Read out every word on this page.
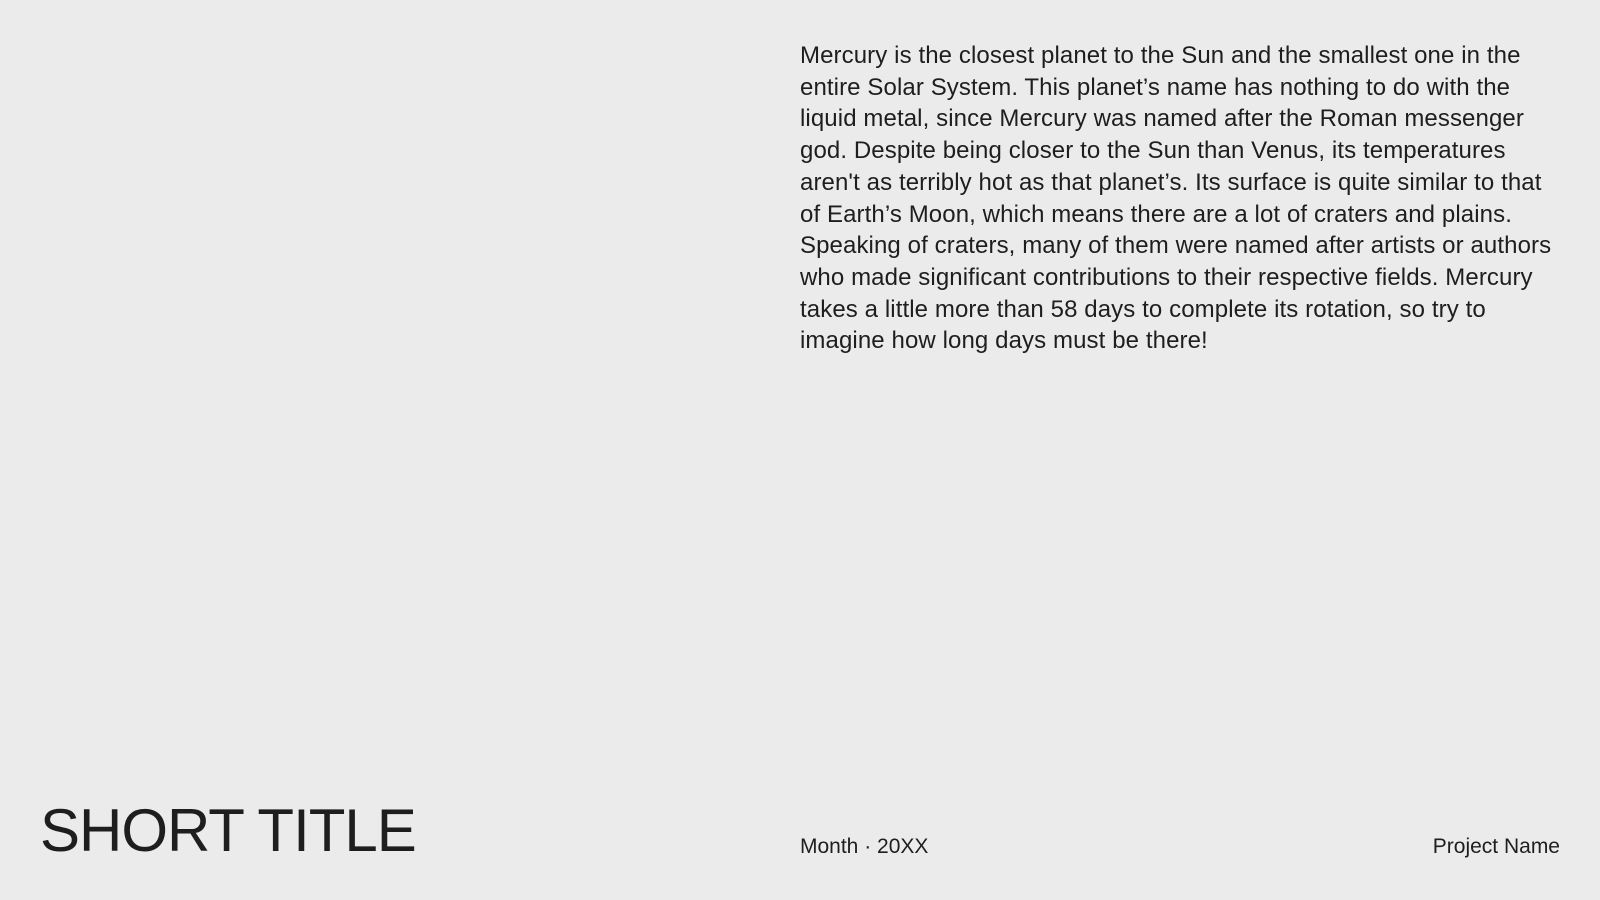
Mercury is the closest planet to the Sun and the smallest one in the entire Solar System. This planet’s name has nothing to do with the liquid metal, since Mercury was named after the Roman messenger god. Despite being closer to the Sun than Venus, its temperatures aren't as terribly hot as that planet’s. Its surface is quite similar to that of Earth’s Moon, which means there are a lot of craters and plains. Speaking of craters, many of them were named after artists or authors who made significant contributions to their respective fields. Mercury takes a little more than 58 days to complete its rotation, so try to imagine how long days must be there!

SHORT TITLE	Month · 20XX	Project Name
